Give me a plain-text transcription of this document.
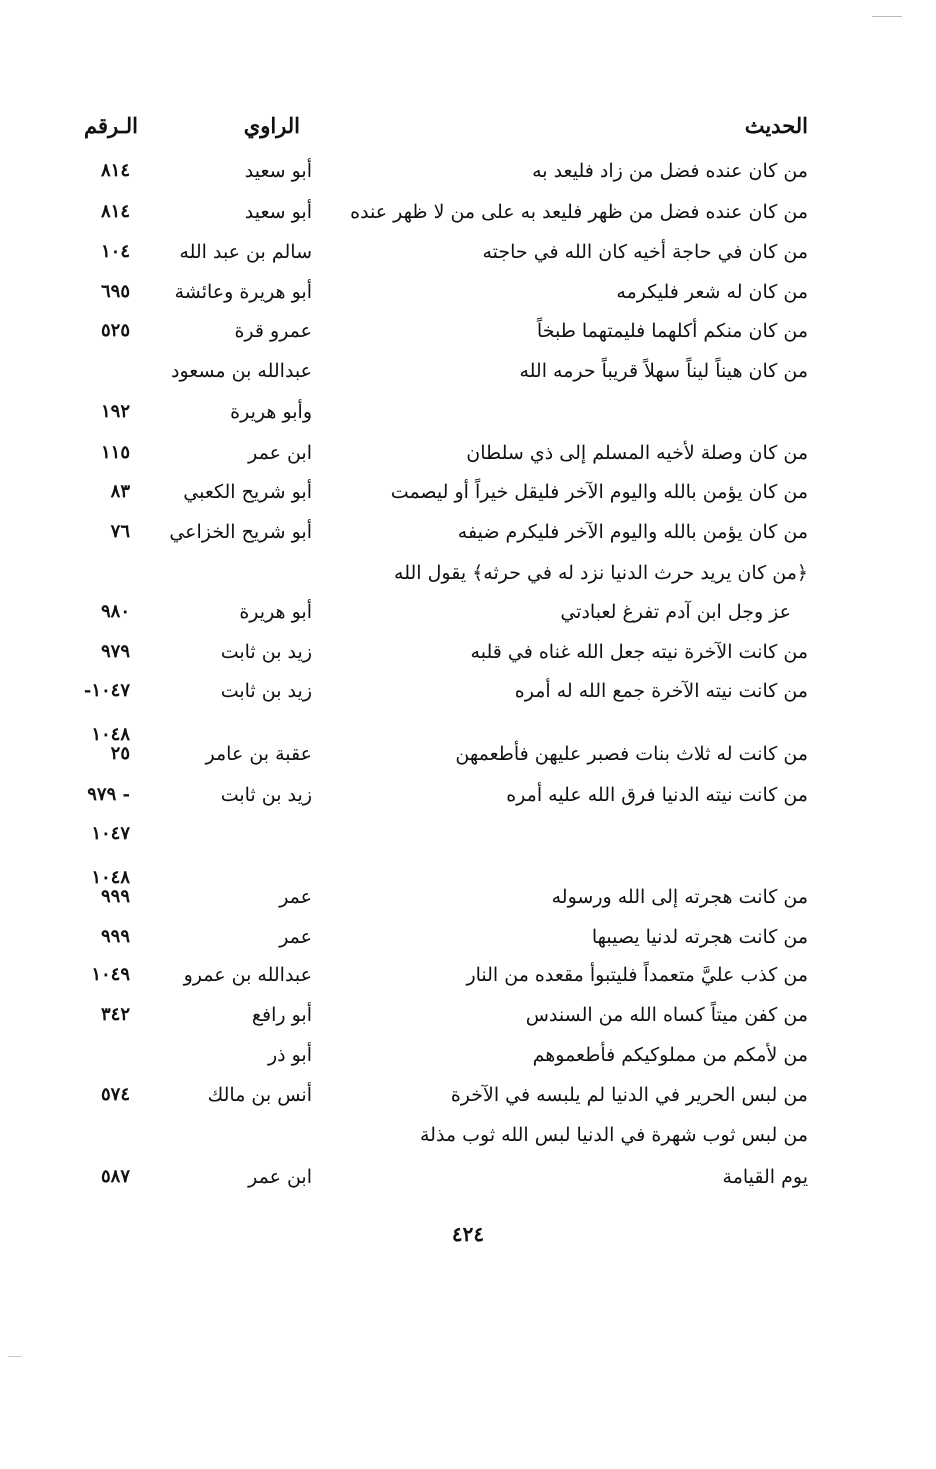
الحديث
الراوي
الـرقم
من كان عنده فضل من زاد فليعد به
أبو سعيد
٨١٤
من كان عنده فضل من ظهر فليعد به على من لا ظهر عنده
أبو سعيد
٨١٤
من كان في حاجة أخيه كان الله في حاجته
سالم بن عبد الله
١٠٤
من كان له شعر فليكرمه
أبو هريرة وعائشة
٦٩٥
من كان منكم أكلهما فليمتهما طبخاً
عمرو قرة
٥٢٥
من كان هيناً ليناً سهلاً قريباً حرمه الله
عبدالله بن مسعود
وأبو هريرة
١٩٢
من كان وصلة لأخيه المسلم إلى ذي سلطان
ابن عمر
١١٥
من كان يؤمن بالله واليوم الآخر فليقل خيراً أو ليصمت
أبو شريح الكعبي
٨٣
من كان يؤمن بالله واليوم الآخر فليكرم ضيفه
أبو شريح الخزاعي
٧٦
﴿من كان يريد حرث الدنيا نزد له في حرثه﴾ يقول الله
عز وجل ابن آدم تفرغ لعبادتي
أبو هريرة
٩٨٠
من كانت الآخرة نيته جعل الله غناه في قلبه
زيد بن ثابت
٩٧٩
من كانت نيته الآخرة جمع الله له أمره
زيد بن ثابت
-١٠٤٧
من كانت له ثلاث بنات فصبر عليهن فأطعمهن
عقبة بن عامر
١٠٤٨
٢٥
من كانت نيته الدنيا فرق الله عليه أمره
زيد بن ثابت
٩٧٩ -
١٠٤٧
من كانت هجرته إلى الله ورسوله
عمر
١٠٤٨
٩٩٩
من كانت هجرته لدنيا يصيبها
عمر
٩٩٩
من كذب عليَّ متعمداً فليتبوأ مقعده من النار
عبدالله بن عمرو
١٠٤٩
من كفن ميتاً كساه الله من السندس
أبو رافع
٣٤٢
من لأمكم من مملوكيكم فأطعموهم
أبو ذر
من لبس الحرير في الدنيا لم يلبسه في الآخرة
أنس بن مالك
٥٧٤
من لبس ثوب شهرة في الدنيا لبس الله ثوب مذلة
يوم القيامة
ابن عمر
٥٨٧
٤٢٤
